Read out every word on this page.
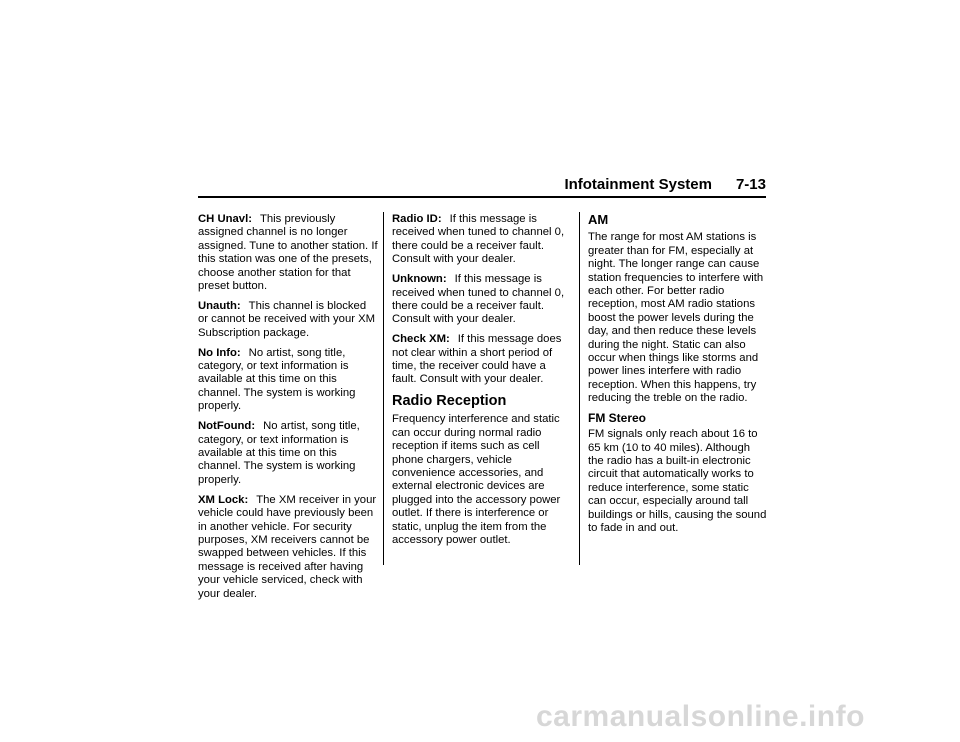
Infotainment System 7-13

CH Unavl: This previously assigned channel is no longer assigned. Tune to another station. If this station was one of the presets, choose another station for that preset button.

Unauth: This channel is blocked or cannot be received with your XM Subscription package.

No Info: No artist, song title, category, or text information is available at this time on this channel. The system is working properly.

NotFound: No artist, song title, category, or text information is available at this time on this channel. The system is working properly.

XM Lock: The XM receiver in your vehicle could have previously been in another vehicle. For security purposes, XM receivers cannot be swapped between vehicles. If this message is received after having your vehicle serviced, check with your dealer.

Radio ID: If this message is received when tuned to channel 0, there could be a receiver fault. Consult with your dealer.

Unknown: If this message is received when tuned to channel 0, there could be a receiver fault. Consult with your dealer.

Check XM: If this message does not clear within a short period of time, the receiver could have a fault. Consult with your dealer.

Radio Reception

Frequency interference and static can occur during normal radio reception if items such as cell phone chargers, vehicle convenience accessories, and external electronic devices are plugged into the accessory power outlet. If there is interference or static, unplug the item from the accessory power outlet.

AM

The range for most AM stations is greater than for FM, especially at night. The longer range can cause station frequencies to interfere with each other. For better radio reception, most AM radio stations boost the power levels during the day, and then reduce these levels during the night. Static can also occur when things like storms and power lines interfere with radio reception. When this happens, try reducing the treble on the radio.

FM Stereo

FM signals only reach about 16 to 65 km (10 to 40 miles). Although the radio has a built-in electronic circuit that automatically works to reduce interference, some static can occur, especially around tall buildings or hills, causing the sound to fade in and out.

carmanualsonline.info
